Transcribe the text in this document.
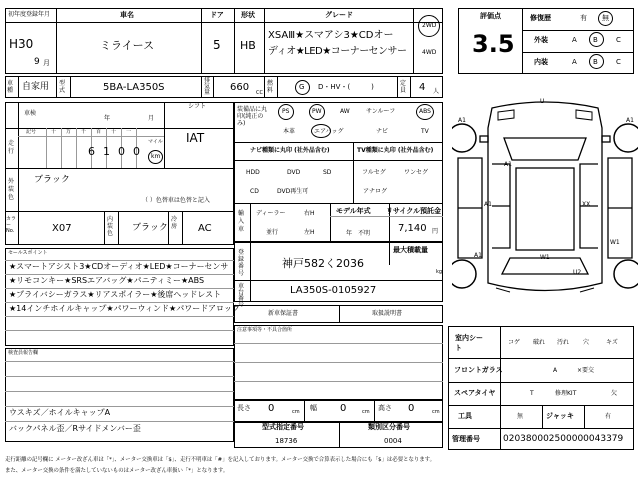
初年度登録年月
H30
9 月
車名
ミライース
ドア
5
形状
HB
グレード
XSAⅢ★スマアシ3★CDオー
ディオ★LED★コーナーセンサー
2WD
4WD
評価点
3.5
修復歴	有 無
外装	A B	C
内装	A B	C
車種 自家用 型式	5BA-LA350S
排気量 660 CC
燃料	G D・HV・(　　　)	定員 4 人
車検
年	月
シフト
IAT
記号	十 万 千 百 十 一
走行	6 1 0 0
マイル
km
外装色
ブラック
（ ）色替車は色替と記入
カラーNo.	X07
内装色
ブラック
冷房 AC
装備品に丸印(純正のみ)
PS	PW	AW	サンルーフ	ABS
本革	エアバッグ	ナビ	TV
ナビ種類に丸印 (社外品含む)
HDD	DVD	SD
CD	DVD再生可
TV種類に丸印 (社外品含む)
フルセグ	ワンセグ
アナログ
輸入車
ディーラー
並行
右H
左H
モデル年式
年　不明
リサイクル預託金
7,140 円
最大積載量
kg
登録番号
神戸582く2036
車台番号
LA350S-0105927
新車保証書	取扱説明書
注意事項等・不具合箇所
セールスポイント
★スマートアシスト3★CDオーディオ★LED★コーナーセンサ
★リモコンキー★SRSエアバッグ★パニティミー★ABS
★プライバシーガラス★リアスポイラー★後席ヘッドレスト
★14インチホイルキャップ★パワーウィンド★パワードアロック
検査員報告欄
ウスキズ／ホイルキャップA
バックパネル歪／Rサイドメンバー歪
長さ 0	cm 幅 0	cm 高さ 0	cm
型式指定番号
18736
類別区分番号
0004
U
A1	A1
A1
A1	XX
W1
U2
A1
W1
室内シート
コゲ 破れ 汚れ 穴	キズ
フロントガラス	A	×要交
スペアタイヤ	T	修理KIT	欠
工具	無	ジャッキ	有
管理番号	020380002500000043379
走行距離の記号欄に メーター改ざん車は「*」、メーター交換車は「$」、走行不明車は「#」を記入しております。メーター交換で合算表示した場合にも「$」は必要となります。
また、メーター交換の条件を満たしていないものはメーター改ざん車扱い「*」となります。
